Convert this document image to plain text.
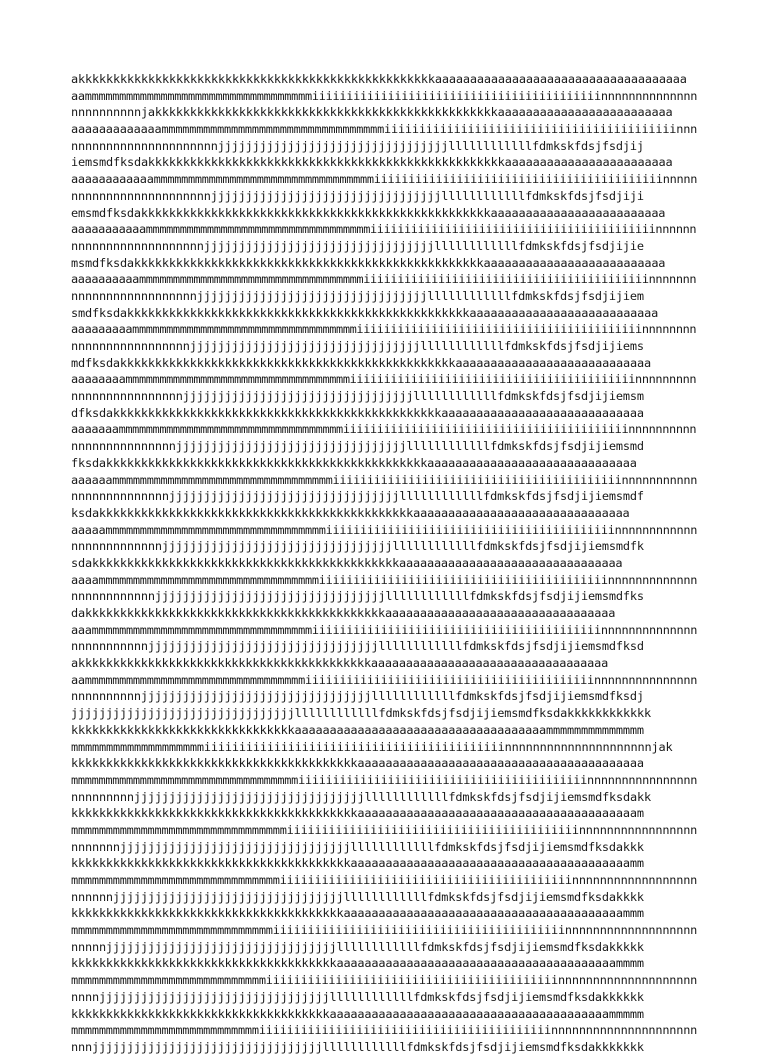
akkkkkkkkkkkkkkkkkkkkkkkkkkkkkkkkkkkkkkkkkkkkkkkkkkkaaaaaaaaaaaaaaaaaaaaaaaaaaaaaaaaaaaa
aammmmmmmmmmmmmmmmmmmmmmmmmmmmmmmmmiiiiiiiiiiiiiiiiiiiiiiiiiiiiiiiiiiiiiiiiiinnnnnnnnnnnnnn
nnnnnnnnnnjakkkkkkkkkkkkkkkkkkkkkkkkkkkkkkkkkkkkkkkkkkkkkkkkkaaaaaaaaaaaaaaaaaaaaaaaaa
aaaaaaaaaaaaammmmmmmmmmmmmmmmmmmmmmmmmmmmmmmmiiiiiiiiiiiiiiiiiiiiiiiiiiiiiiiiiiiiiiiiiinnn
nnnnnnnnnnnnnnnnnnnnnjjjjjjjjjjjjjjjjjjjjjjjjjjjjjjjjjllllllllllllfdmkskfdsjfsdjij
iemsmdfksdakkkkkkkkkkkkkkkkkkkkkkkkkkkkkkkkkkkkkkkkkkkkkkkkkkkaaaaaaaaaaaaaaaaaaaaaaaa
aaaaaaaaaaaammmmmmmmmmmmmmmmmmmmmmmmmmmmmmmmiiiiiiiiiiiiiiiiiiiiiiiiiiiiiiiiiiiiiiiiiinnnnn
nnnnnnnnnnnnnnnnnnnnjjjjjjjjjjjjjjjjjjjjjjjjjjjjjjjjjllllllllllllfdmkskfdsjfsdjiji
emsmdfksdakkkkkkkkkkkkkkkkkkkkkkkkkkkkkkkkkkkkkkkkkkkkkkkkkkaaaaaaaaaaaaaaaaaaaaaaaaa
aaaaaaaaaaammmmmmmmmmmmmmmmmmmmmmmmmmmmmmmmmiiiiiiiiiiiiiiiiiiiiiiiiiiiiiiiiiiiiiiiiiinnnnnn
nnnnnnnnnnnnnnnnnnnjjjjjjjjjjjjjjjjjjjjjjjjjjjjjjjjjllllllllllllfdmkskfdsjfsdjijie
msmdfksdakkkkkkkkkkkkkkkkkkkkkkkkkkkkkkkkkkkkkkkkkkkkkkkkkkaaaaaaaaaaaaaaaaaaaaaaaaaa
aaaaaaaaaammmmmmmmmmmmmmmmmmmmmmmmmmmmmmmmmiiiiiiiiiiiiiiiiiiiiiiiiiiiiiiiiiiiiiiiiiinnnnnnn
nnnnnnnnnnnnnnnnnnjjjjjjjjjjjjjjjjjjjjjjjjjjjjjjjjjllllllllllllfdmkskfdsjfsdjijiem
smdfksdakkkkkkkkkkkkkkkkkkkkkkkkkkkkkkkkkkkkkkkkkkkkkkkkkaaaaaaaaaaaaaaaaaaaaaaaaaaa
aaaaaaaaammmmmmmmmmmmmmmmmmmmmmmmmmmmmmmmmiiiiiiiiiiiiiiiiiiiiiiiiiiiiiiiiiiiiiiiiiinnnnnnnn
nnnnnnnnnnnnnnnnnjjjjjjjjjjjjjjjjjjjjjjjjjjjjjjjjjllllllllllllfdmkskfdsjfsdjijiems
mdfksdakkkkkkkkkkkkkkkkkkkkkkkkkkkkkkkkkkkkkkkkkkkkkkkkaaaaaaaaaaaaaaaaaaaaaaaaaaaa
aaaaaaaammmmmmmmmmmmmmmmmmmmmmmmmmmmmmmmmiiiiiiiiiiiiiiiiiiiiiiiiiiiiiiiiiiiiiiiiiinnnnnnnnn
nnnnnnnnnnnnnnnnjjjjjjjjjjjjjjjjjjjjjjjjjjjjjjjjjllllllllllllfdmkskfdsjfsdjijiemsm
dfksdakkkkkkkkkkkkkkkkkkkkkkkkkkkkkkkkkkkkkkkkkkkkkkkaaaaaaaaaaaaaaaaaaaaaaaaaaaaa
aaaaaaammmmmmmmmmmmmmmmmmmmmmmmmmmmmmmmmiiiiiiiiiiiiiiiiiiiiiiiiiiiiiiiiiiiiiiiiiinnnnnnnnnn
nnnnnnnnnnnnnnnjjjjjjjjjjjjjjjjjjjjjjjjjjjjjjjjjllllllllllllfdmkskfdsjfsdjijiemsmd
fksdakkkkkkkkkkkkkkkkkkkkkkkkkkkkkkkkkkkkkkkkkkkkkkaaaaaaaaaaaaaaaaaaaaaaaaaaaaaa
aaaaaammmmmmmmmmmmmmmmmmmmmmmmmmmmmmmmiiiiiiiiiiiiiiiiiiiiiiiiiiiiiiiiiiiiiiiiiinnnnnnnnnnn
nnnnnnnnnnnnnnjjjjjjjjjjjjjjjjjjjjjjjjjjjjjjjjjllllllllllllfdmkskfdsjfsdjijiemsmdf
ksdakkkkkkkkkkkkkkkkkkkkkkkkkkkkkkkkkkkkkkkkkkkkkaaaaaaaaaaaaaaaaaaaaaaaaaaaaaaa
aaaaammmmmmmmmmmmmmmmmmmmmmmmmmmmmmmmiiiiiiiiiiiiiiiiiiiiiiiiiiiiiiiiiiiiiiiiiinnnnnnnnnnnn
nnnnnnnnnnnnnjjjjjjjjjjjjjjjjjjjjjjjjjjjjjjjjjllllllllllllfdmkskfdsjfsdjijiemsmdfk
sdakkkkkkkkkkkkkkkkkkkkkkkkkkkkkkkkkkkkkkkkkkkkaaaaaaaaaaaaaaaaaaaaaaaaaaaaaaaa
aaaammmmmmmmmmmmmmmmmmmmmmmmmmmmmmmmiiiiiiiiiiiiiiiiiiiiiiiiiiiiiiiiiiiiiiiiiinnnnnnnnnnnnn
nnnnnnnnnnnnjjjjjjjjjjjjjjjjjjjjjjjjjjjjjjjjjllllllllllllfdmkskfdsjfsdjijiemsmdfks
dakkkkkkkkkkkkkkkkkkkkkkkkkkkkkkkkkkkkkkkkkkkaaaaaaaaaaaaaaaaaaaaaaaaaaaaaaaaa
aaammmmmmmmmmmmmmmmmmmmmmmmmmmmmmmmiiiiiiiiiiiiiiiiiiiiiiiiiiiiiiiiiiiiiiiiiinnnnnnnnnnnnnn
nnnnnnnnnnnjjjjjjjjjjjjjjjjjjjjjjjjjjjjjjjjjllllllllllllfdmkskfdsjfsdjijiemsmdfksd
akkkkkkkkkkkkkkkkkkkkkkkkkkkkkkkkkkkkkkkkkkaaaaaaaaaaaaaaaaaaaaaaaaaaaaaaaaaa
aammmmmmmmmmmmmmmmmmmmmmmmmmmmmmmmiiiiiiiiiiiiiiiiiiiiiiiiiiiiiiiiiiiiiiiiiinnnnnnnnnnnnnnn
nnnnnnnnnnjjjjjjjjjjjjjjjjjjjjjjjjjjjjjjjjjllllllllllllfdmkskfdsjfsdjijiemsmdfksdj
jjjjjjjjjjjjjjjjjjjjjjjjjjjjjjjjllllllllllllfdmkskfdsjfsdjijiemsmdfksdakkkkkkkkkkkk
kkkkkkkkkkkkkkkkkkkkkkkkkkkkkkkkaaaaaaaaaaaaaaaaaaaaaaaaaaaaaaaaaaaammmmmmmmmmmmmm
mmmmmmmmmmmmmmmmmmmiiiiiiiiiiiiiiiiiiiiiiiiiiiiiiiiiiiiiiiiiiinnnnnnnnnnnnnnnnnnnnnjak
kkkkkkkkkkkkkkkkkkkkkkkkkkkkkkkkkkkkkkkkkaaaaaaaaaaaaaaaaaaaaaaaaaaaaaaaaaaaaaaaaa
mmmmmmmmmmmmmmmmmmmmmmmmmmmmmmmmmiiiiiiiiiiiiiiiiiiiiiiiiiiiiiiiiiiiiiiiiiinnnnnnnnnnnnnnnn
nnnnnnnnnjjjjjjjjjjjjjjjjjjjjjjjjjjjjjjjjjllllllllllllfdmkskfdsjfsdjijiemsmdfksdakk
kkkkkkkkkkkkkkkkkkkkkkkkkkkkkkkkkkkkkkkkkaaaaaaaaaaaaaaaaaaaaaaaaaaaaaaaaaaaaaaaam
mmmmmmmmmmmmmmmmmmmmmmmmmmmmmmmiiiiiiiiiiiiiiiiiiiiiiiiiiiiiiiiiiiiiiiiiinnnnnnnnnnnnnnnnn
nnnnnnnjjjjjjjjjjjjjjjjjjjjjjjjjjjjjjjjjllllllllllllfdmkskfdsjfsdjijiemsmdfksdakkk
kkkkkkkkkkkkkkkkkkkkkkkkkkkkkkkkkkkkkkkkaaaaaaaaaaaaaaaaaaaaaaaaaaaaaaaaaaaaaaaamm
mmmmmmmmmmmmmmmmmmmmmmmmmmmmmmiiiiiiiiiiiiiiiiiiiiiiiiiiiiiiiiiiiiiiiiiinnnnnnnnnnnnnnnnnn
nnnnnnjjjjjjjjjjjjjjjjjjjjjjjjjjjjjjjjjllllllllllllfdmkskfdsjfsdjijiemsmdfksdakkkk
kkkkkkkkkkkkkkkkkkkkkkkkkkkkkkkkkkkkkkkaaaaaaaaaaaaaaaaaaaaaaaaaaaaaaaaaaaaaaaammm
mmmmmmmmmmmmmmmmmmmmmmmmmmmmmiiiiiiiiiiiiiiiiiiiiiiiiiiiiiiiiiiiiiiiiiinnnnnnnnnnnnnnnnnnn
nnnnnjjjjjjjjjjjjjjjjjjjjjjjjjjjjjjjjjllllllllllllfdmkskfdsjfsdjijiemsmdfksdakkkkk
kkkkkkkkkkkkkkkkkkkkkkkkkkkkkkkkkkkkkkaaaaaaaaaaaaaaaaaaaaaaaaaaaaaaaaaaaaaaaammmm
mmmmmmmmmmmmmmmmmmmmmmmmmmmmiiiiiiiiiiiiiiiiiiiiiiiiiiiiiiiiiiiiiiiiiinnnnnnnnnnnnnnnnnnnn
nnnnjjjjjjjjjjjjjjjjjjjjjjjjjjjjjjjjjllllllllllllfdmkskfdsjfsdjijiemsmdfksdakkkkkk
kkkkkkkkkkkkkkkkkkkkkkkkkkkkkkkkkkkkkaaaaaaaaaaaaaaaaaaaaaaaaaaaaaaaaaaaaaaaammmmm
mmmmmmmmmmmmmmmmmmmmmmmmmmmiiiiiiiiiiiiiiiiiiiiiiiiiiiiiiiiiiiiiiiiiinnnnnnnnnnnnnnnnnnnnn
nnnjjjjjjjjjjjjjjjjjjjjjjjjjjjjjjjjjllllllllllllfdmkskfdsjfsdjijiemsmdfksdakkkkkkk
